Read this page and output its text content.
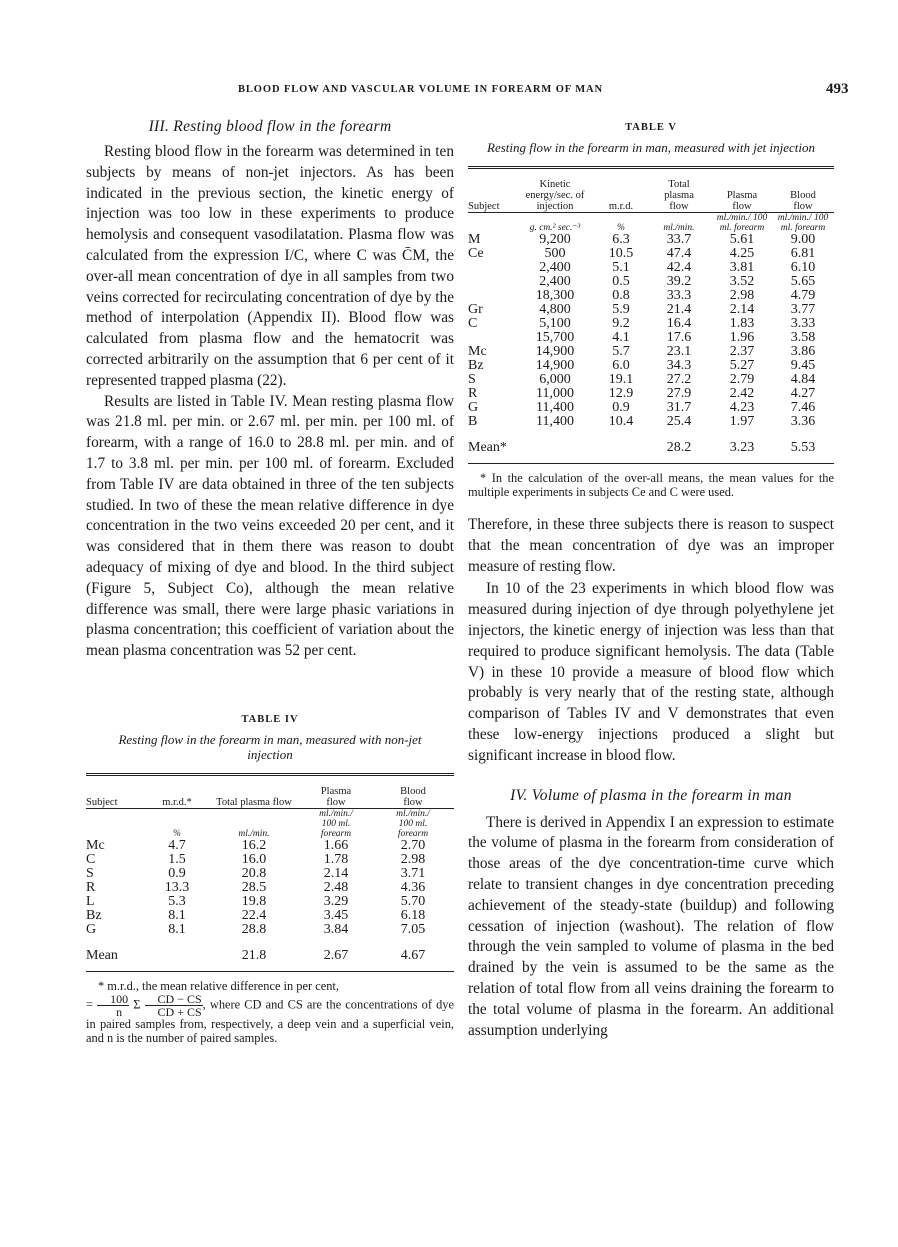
BLOOD FLOW AND VASCULAR VOLUME IN FOREARM OF MAN	493
III. Resting blood flow in the forearm

Resting blood flow in the forearm was determined in ten subjects by means of non-jet injectors. As has been indicated in the previous section, the kinetic energy of injection was too low in these experiments to produce hemolysis and consequent vasodilatation. Plasma flow was calculated from the expression I/C, where C was C̄M, the over-all mean concentration of dye in all samples from two veins corrected for recirculating concentration of dye by the method of interpolation (Appendix II). Blood flow was calculated from plasma flow and the hematocrit was corrected arbitrarily on the assumption that 6 per cent of it represented trapped plasma (22).

Results are listed in Table IV. Mean resting plasma flow was 21.8 ml. per min. or 2.67 ml. per min. per 100 ml. of forearm, with a range of 16.0 to 28.8 ml. per min. and of 1.7 to 3.8 ml. per min. per 100 ml. of forearm. Excluded from Table IV are data obtained in three of the ten subjects studied. In two of these the mean relative difference in dye concentration in the two veins exceeded 20 per cent, and it was considered that in them there was reason to doubt adequacy of mixing of dye and blood. In the third subject (Figure 5, Subject Co), although the mean relative difference was small, there were large phasic variations in plasma concentration; this coefficient of variation about the mean plasma concentration was 52 per cent.

TABLE IV
Resting flow in the forearm in man, measured with non-jet injection
Subject	m.r.d.*	Total plasma flow	Plasma flow	Blood flow
	%	ml./min.	ml./min./ 100 ml. forearm	ml./min./ 100 ml. forearm
Mc	4.7	16.2	1.66	2.70
C	1.5	16.0	1.78	2.98
S	0.9	20.8	2.14	3.71
R	13.3	28.5	2.48	4.36
L	5.3	19.8	3.29	5.70
Bz	8.1	22.4	3.45	6.18
G	8.1	28.8	3.84	7.05
Mean		21.8	2.67	4.67
* m.r.d., the mean relative difference in per cent,
= $\frac{100}{n}$ Σ $\frac{CD - CS}{CD + CS}$ , where CD and CS are the concentrations of dye in paired samples from, respectively, a deep vein and a superficial vein, and n is the number of paired samples.
TABLE V
Resting flow in the forearm in man, measured with jet injection
Subject	Kinetic energy/sec. of injection	m.r.d.	Total plasma flow	Plasma flow	Blood flow
	g. cm.² sec.⁻³	%	ml./min.	ml./min./ 100 ml. forearm	ml./min./ 100 ml. forearm
M	9,200	6.3	33.7	5.61	9.00
Ce	500	10.5	47.4	4.25	6.81
	2,400	5.1	42.4	3.81	6.10
	2,400	0.5	39.2	3.52	5.65
	18,300	0.8	33.3	2.98	4.79
Gr	4,800	5.9	21.4	2.14	3.77
C	5,100	9.2	16.4	1.83	3.33
	15,700	4.1	17.6	1.96	3.58
Mc	14,900	5.7	23.1	2.37	3.86
Bz	14,900	6.0	34.3	5.27	9.45
S	6,000	19.1	27.2	2.79	4.84
R	11,000	12.9	27.9	2.42	4.27
G	11,400	0.9	31.7	4.23	7.46
B	11,400	10.4	25.4	1.97	3.36
Mean*			28.2	3.23	5.53
* In the calculation of the over-all means, the mean values for the multiple experiments in subjects Ce and C were used.

Therefore, in these three subjects there is reason to suspect that the mean concentration of dye was an improper measure of resting flow.

In 10 of the 23 experiments in which blood flow was measured during injection of dye through polyethylene jet injectors, the kinetic energy of injection was less than that required to produce significant hemolysis. The data (Table V) in these 10 provide a measure of blood flow which probably is very nearly that of the resting state, although comparison of Tables IV and V demonstrates that even these low-energy injections produced a slight but significant increase in blood flow.

IV. Volume of plasma in the forearm in man

There is derived in Appendix I an expression to estimate the volume of plasma in the forearm from consideration of those areas of the dye concentration-time curve which relate to transient changes in dye concentration preceding achievement of the steady-state (buildup) and following cessation of injection (washout). The relation of flow through the vein sampled to volume of plasma in the bed drained by the vein is assumed to be the same as the relation of total flow from all veins draining the forearm to the total volume of plasma in the forearm. An additional assumption underlying
